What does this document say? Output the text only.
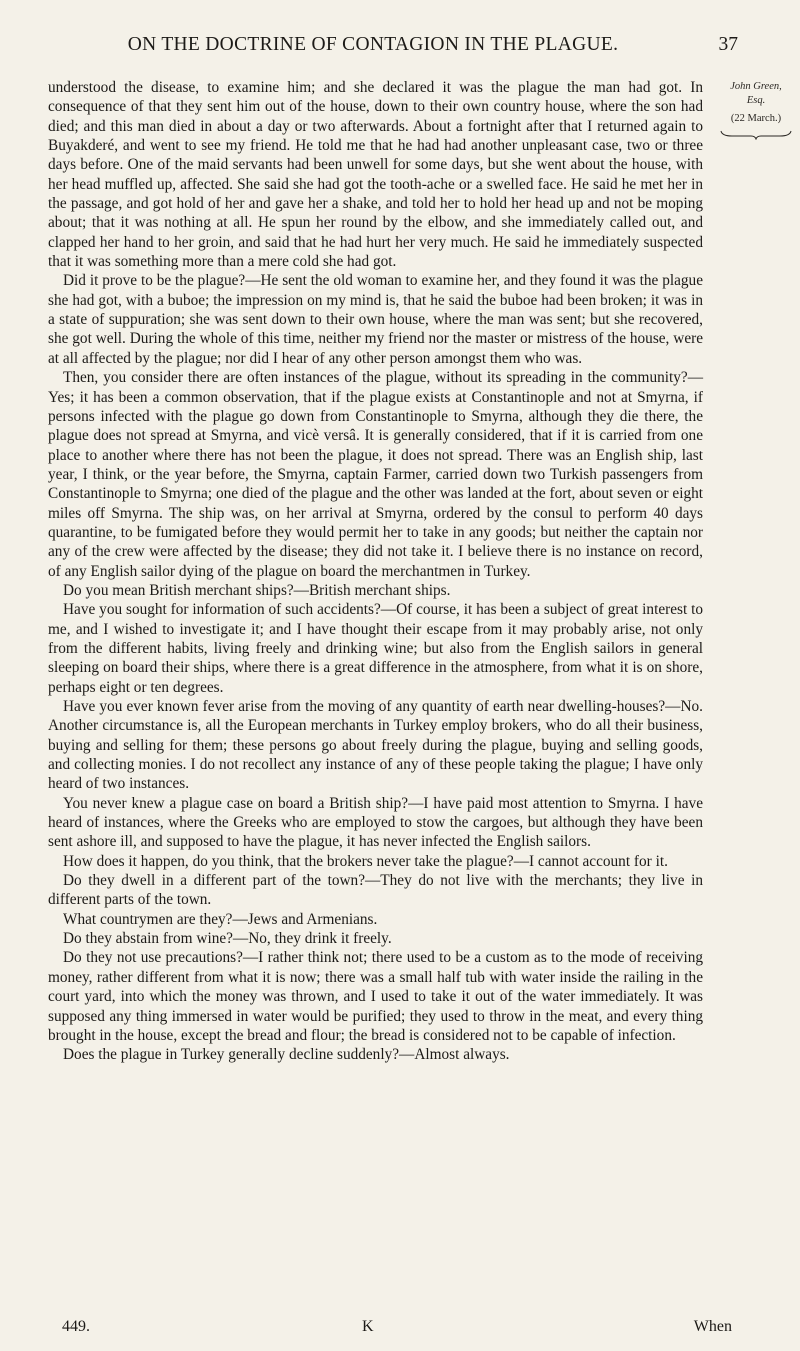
ON THE DOCTRINE OF CONTAGION IN THE PLAGUE.	37
John Green,
Esq.
(22 March.)

understood the disease, to examine him; and she declared it was the plague the man had got. In consequence of that they sent him out of the house, down to their own country house, where the son had died; and this man died in about a day or two afterwards. About a fortnight after that I returned again to Buyakderé, and went to see my friend. He told me that he had had another unpleasant case, two or three days before. One of the maid servants had been unwell for some days, but she went about the house, with her head muffled up, affected. She said she had got the tooth-ache or a swelled face. He said he met her in the passage, and got hold of her and gave her a shake, and told her to hold her head up and not be moping about; that it was nothing at all. He spun her round by the elbow, and she immediately called out, and clapped her hand to her groin, and said that he had hurt her very much. He said he immediately suspected that it was something more than a mere cold she had got.

Did it prove to be the plague?—He sent the old woman to examine her, and they found it was the plague she had got, with a buboe; the impression on my mind is, that he said the buboe had been broken; it was in a state of suppuration; she was sent down to their own house, where the man was sent; but she recovered, she got well. During the whole of this time, neither my friend nor the master or mistress of the house, were at all affected by the plague; nor did I hear of any other person amongst them who was.

Then, you consider there are often instances of the plague, without its spreading in the community?—Yes; it has been a common observation, that if the plague exists at Constantinople and not at Smyrna, if persons infected with the plague go down from Constantinople to Smyrna, although they die there, the plague does not spread at Smyrna, and vicè versâ. It is generally considered, that if it is carried from one place to another where there has not been the plague, it does not spread. There was an English ship, last year, I think, or the year before, the Smyrna, captain Farmer, carried down two Turkish passengers from Constantinople to Smyrna; one died of the plague and the other was landed at the fort, about seven or eight miles off Smyrna. The ship was, on her arrival at Smyrna, ordered by the consul to perform 40 days quarantine, to be fumigated before they would permit her to take in any goods; but neither the captain nor any of the crew were affected by the disease; they did not take it. I believe there is no instance on record, of any English sailor dying of the plague on board the merchantmen in Turkey.

Do you mean British merchant ships?—British merchant ships.

Have you sought for information of such accidents?—Of course, it has been a subject of great interest to me, and I wished to investigate it; and I have thought their escape from it may probably arise, not only from the different habits, living freely and drinking wine; but also from the English sailors in general sleeping on board their ships, where there is a great difference in the atmosphere, from what it is on shore, perhaps eight or ten degrees.

Have you ever known fever arise from the moving of any quantity of earth near dwelling-houses?—No. Another circumstance is, all the European merchants in Turkey employ brokers, who do all their business, buying and selling for them; these persons go about freely during the plague, buying and selling goods, and collecting monies. I do not recollect any instance of any of these people taking the plague; I have only heard of two instances.

You never knew a plague case on board a British ship?—I have paid most attention to Smyrna. I have heard of instances, where the Greeks who are employed to stow the cargoes, but although they have been sent ashore ill, and supposed to have the plague, it has never infected the English sailors.

How does it happen, do you think, that the brokers never take the plague?—I cannot account for it.

Do they dwell in a different part of the town?—They do not live with the merchants; they live in different parts of the town.

What countrymen are they?—Jews and Armenians.

Do they abstain from wine?—No, they drink it freely.

Do they not use precautions?—I rather think not; there used to be a custom as to the mode of receiving money, rather different from what it is now; there was a small half tub with water inside the railing in the court yard, into which the money was thrown, and I used to take it out of the water immediately. It was supposed any thing immersed in water would be purified; they used to throw in the meat, and every thing brought in the house, except the bread and flour; the bread is considered not to be capable of infection.

Does the plague in Turkey generally decline suddenly?—Almost always.

449.	K	When
